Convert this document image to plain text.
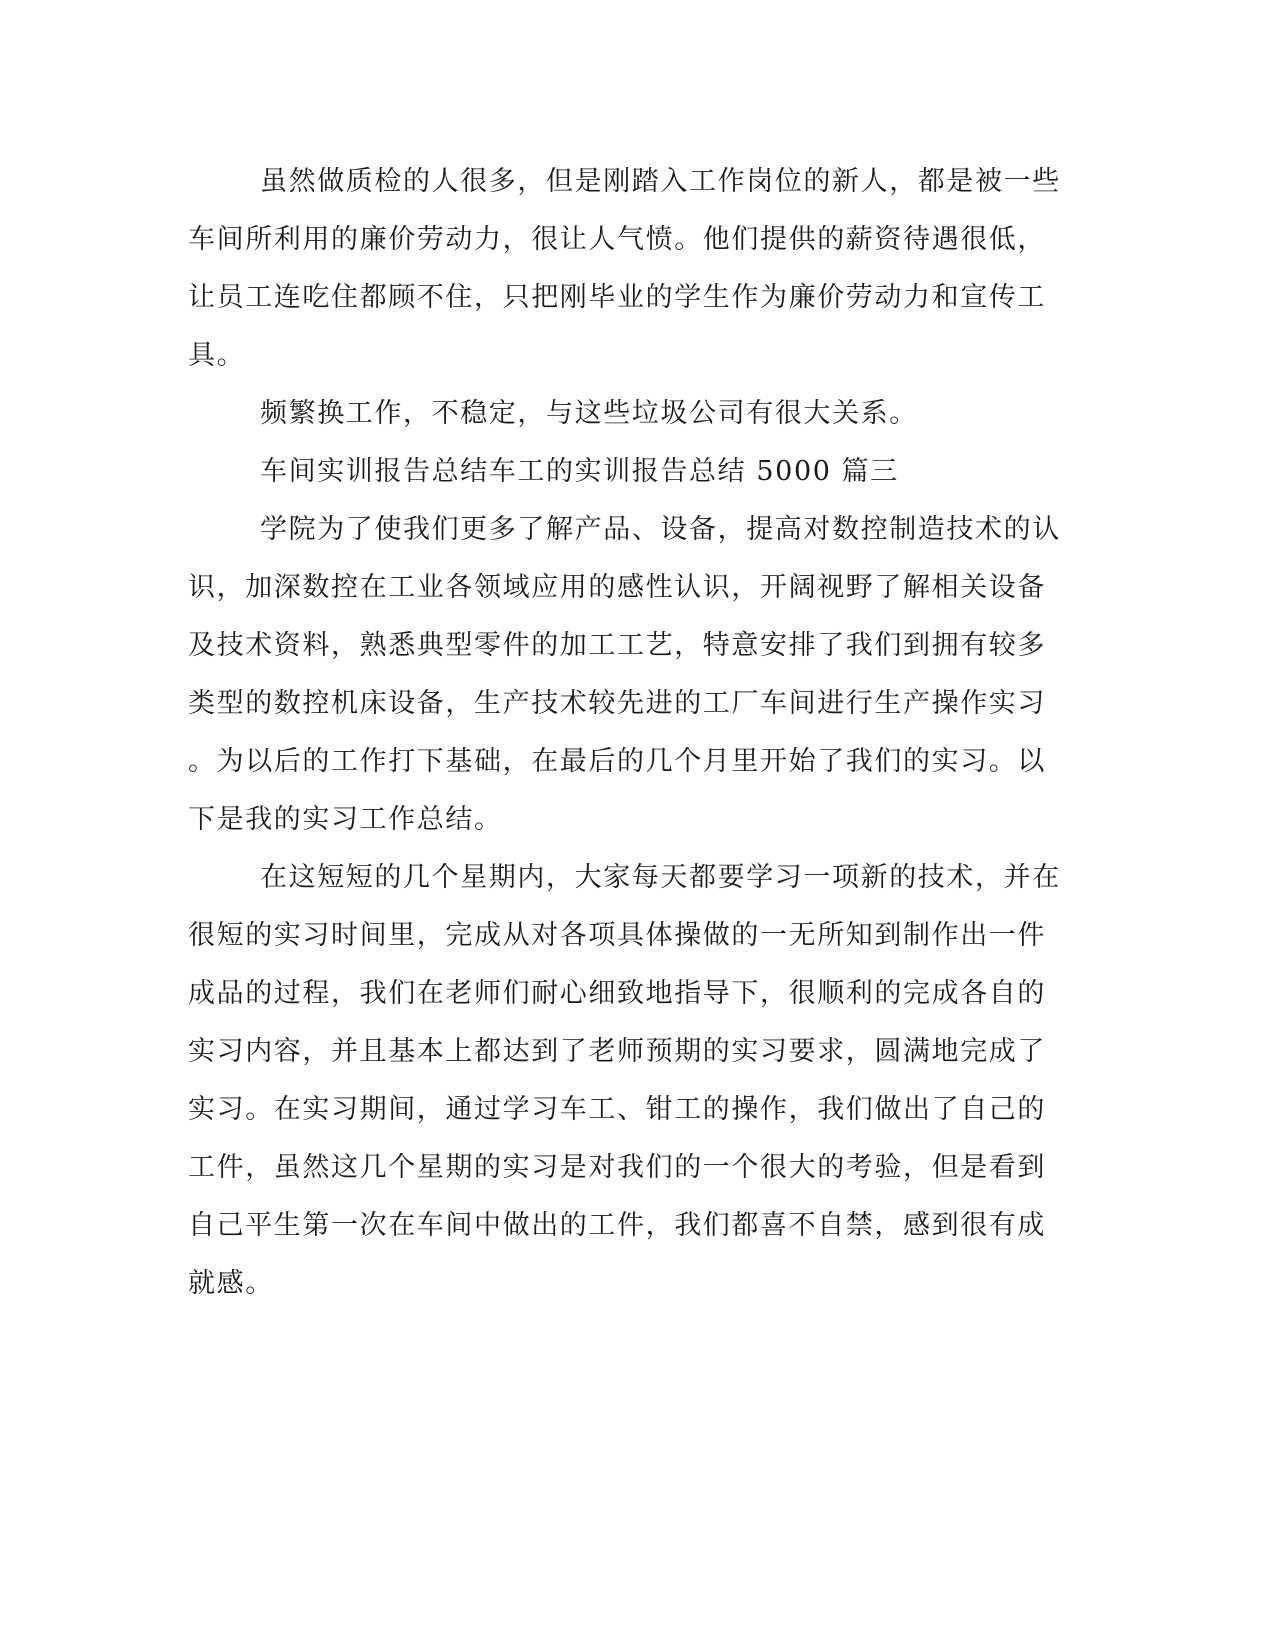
虽然做质检的人很多，但是刚踏入工作岗位的新人，都是被一些
车间所利用的廉价劳动力，很让人气愤。他们提供的薪资待遇很低，
让员工连吃住都顾不住，只把刚毕业的学生作为廉价劳动力和宣传工
具。
频繁换工作，不稳定，与这些垃圾公司有很大关系。
车间实训报告总结车工的实训报告总结 5000 篇三
学院为了使我们更多了解产品、设备，提高对数控制造技术的认
识，加深数控在工业各领域应用的感性认识，开阔视野了解相关设备
及技术资料，熟悉典型零件的加工工艺，特意安排了我们到拥有较多
类型的数控机床设备，生产技术较先进的工厂车间进行生产操作实习
。为以后的工作打下基础，在最后的几个月里开始了我们的实习。以
下是我的实习工作总结。
在这短短的几个星期内，大家每天都要学习一项新的技术，并在
很短的实习时间里，完成从对各项具体操做的一无所知到制作出一件
成品的过程，我们在老师们耐心细致地指导下，很顺利的完成各自的
实习内容，并且基本上都达到了老师预期的实习要求，圆满地完成了
实习。在实习期间，通过学习车工、钳工的操作，我们做出了自己的
工件，虽然这几个星期的实习是对我们的一个很大的考验，但是看到
自己平生第一次在车间中做出的工件，我们都喜不自禁，感到很有成
就感。
